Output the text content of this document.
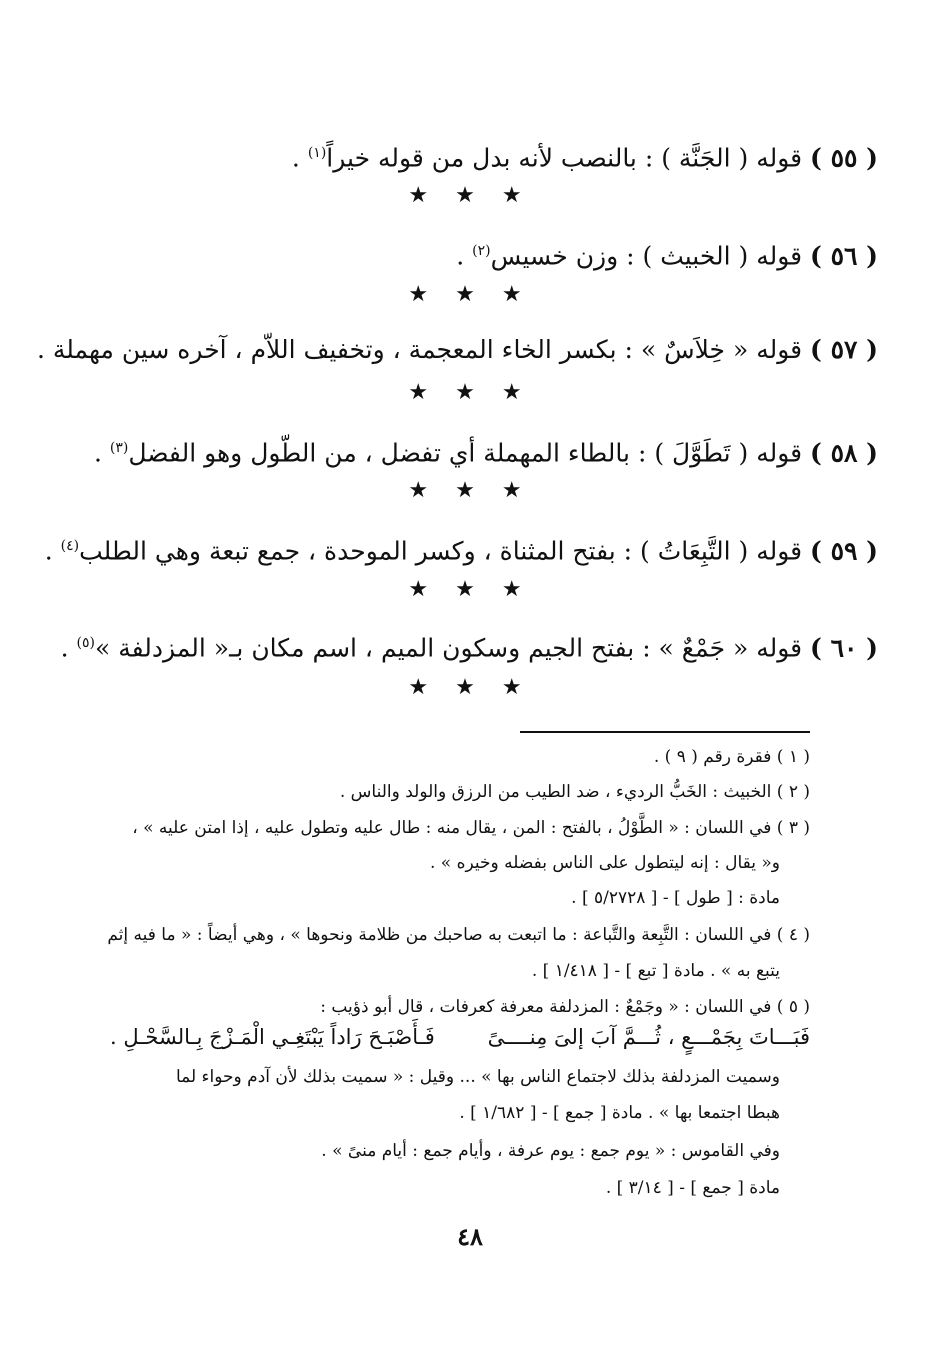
( ٥٥ ) قوله ( الجَنَّة ) : بالنصب لأنه بدل من قوله خيراً$^{(١)}$ .
★ ★ ★
( ٥٦ ) قوله ( الخبيث ) : وزن خسيس$^{(٢)}$ .
★ ★ ★
( ٥٧ ) قوله « خِلاَسٌ » : بكسر الخاء المعجمة ، وتخفيف اللاّم ، آخره سين مهملة .
★ ★ ★
( ٥٨ ) قوله ( تَطَوَّلَ ) : بالطاء المهملة أي تفضل ، من الطّول وهو الفضل$^{(٣)}$ .
★ ★ ★
( ٥٩ ) قوله ( التَّبِعَاتُ ) : بفتح المثناة ، وكسر الموحدة ، جمع تبعة وهي الطلب$^{(٤)}$ .
★ ★ ★
( ٦٠ ) قوله « جَمْعٌ » : بفتح الجيم وسكون الميم ، اسم مكان بـ« المزدلفة »$^{(٥)}$ .
★ ★ ★
( ١ ) فقرة رقم ( ٩ ) .
( ٢ ) الخبيث : الخَبُّ الرديء ، ضد الطيب من الرزق والولد والناس .
( ٣ ) في اللسان : « الطَّوْلُ ، بالفتح : المن ، يقال منه : طال عليه وتطول عليه ، إذا امتن عليه » ،
و« يقال : إنه ليتطول على الناس بفضله وخيره » .
مادة : [ طول ] - [ ٥/٢٧٢٨ ] .
( ٤ ) في اللسان : التَّبِعة والتَّباعة : ما اتبعت به صاحبك من ظلامة ونحوها » ، وهي أيضاً : « ما فيه إثم
يتبع به » . مادة [ تبع ] - [ ١/٤١٨ ] .
( ٥ ) في اللسان : « وجَمْعٌ : المزدلفة معرفة كعرفات ، قال أبو ذؤيب :
فَبَـــاتَ بِجَمْـــعٍ ، ثُـــمَّ آبَ إلىَ مِنــــىً
فَـأَصْبَـحَ رَاداً يَبْتَغِـي الْمَـزْجَ بِـالسَّحْـلِ .
وسميت المزدلفة بذلك لاجتماع الناس بها » ... وقيل : « سميت بذلك لأن آدم وحواء لما
هبطا اجتمعا بها » . مادة [ جمع ] - [ ١/٦٨٢ ] .
وفي القاموس : « يوم جمع : يوم عرفة ، وأيام جمع : أيام منىً » .
مادة [ جمع ] - [ ٣/١٤ ] .
٤٨
